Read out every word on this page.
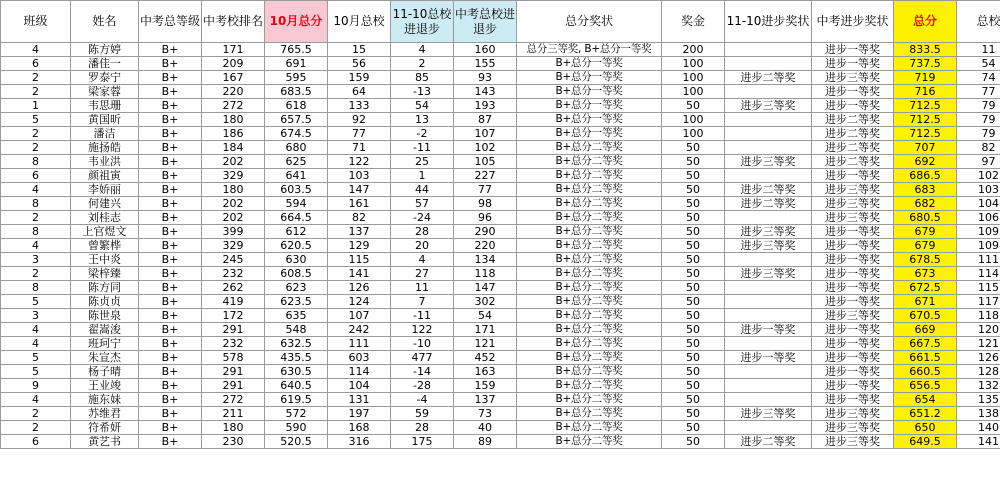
班级	姓名	中考总等级	中考校排名	10月总分	10月总校	11-10总校进退步	中考总校进退步	总分奖状	奖金	11-10进步奖状	中考进步奖状	总分	总校
4	陈方婷	B+	171	765.5	15	4	160	总分三等奖, B+总分一等奖	200		进步一等奖	833.5	11
6	潘佳一	B+	209	691	56	2	155	B+总分一等奖	100		进步一等奖	737.5	54
2	罗泰宁	B+	167	595	159	85	93	B+总分一等奖	100	进步二等奖	进步三等奖	719	74
2	梁家蓉	B+	220	683.5	64	-13	143	B+总分一等奖	100		进步一等奖	716	77
1	韦思珊	B+	272	618	133	54	193	B+总分一等奖	50	进步三等奖	进步一等奖	712.5	79
5	黄国昕	B+	180	657.5	92	13	87	B+总分一等奖	100		进步二等奖	712.5	79
2	潘洁	B+	186	674.5	77	-2	107	B+总分一等奖	100		进步二等奖	712.5	79
2	施扬皓	B+	184	680	71	-11	102	B+总分二等奖	50		进步二等奖	707	82
8	韦业洪	B+	202	625	122	25	105	B+总分二等奖	50	进步三等奖	进步二等奖	692	97
6	颜祖寅	B+	329	641	103	1	227	B+总分二等奖	50		进步一等奖	686.5	102
4	李娇丽	B+	180	603.5	147	44	77	B+总分二等奖	50	进步二等奖	进步三等奖	683	103
8	何建兴	B+	202	594	161	57	98	B+总分二等奖	50	进步二等奖	进步三等奖	682	104
2	刘桂志	B+	202	664.5	82	-24	96	B+总分二等奖	50		进步三等奖	680.5	106
8	上官煜文	B+	399	612	137	28	290	B+总分二等奖	50	进步三等奖	进步一等奖	679	109
4	曾繁桦	B+	329	620.5	129	20	220	B+总分二等奖	50	进步三等奖	进步一等奖	679	109
3	王中炎	B+	245	630	115	4	134	B+总分二等奖	50		进步一等奖	678.5	111
2	梁梓臻	B+	232	608.5	141	27	118	B+总分二等奖	50	进步三等奖	进步一等奖	673	114
8	陈方同	B+	262	623	126	11	147	B+总分二等奖	50		进步一等奖	672.5	115
5	陈贞贞	B+	419	623.5	124	7	302	B+总分二等奖	50		进步一等奖	671	117
3	陈世泉	B+	172	635	107	-11	54	B+总分二等奖	50		进步三等奖	670.5	118
4	翟嵩浚	B+	291	548	242	122	171	B+总分二等奖	50	进步一等奖	进步一等奖	669	120
4	班珂宁	B+	232	632.5	111	-10	121	B+总分二等奖	50		进步一等奖	667.5	121
5	朱宣杰	B+	578	435.5	603	477	452	B+总分二等奖	50	进步一等奖	进步一等奖	661.5	126
5	杨子晴	B+	291	630.5	114	-14	163	B+总分二等奖	50		进步一等奖	660.5	128
9	王业竣	B+	291	640.5	104	-28	159	B+总分二等奖	50		进步一等奖	656.5	132
4	施东妹	B+	272	619.5	131	-4	137	B+总分二等奖	50		进步一等奖	654	135
2	苏维君	B+	211	572	197	59	73	B+总分二等奖	50	进步三等奖	进步三等奖	651.2	138
2	符希妍	B+	180	590	168	28	40	B+总分二等奖	50		进步三等奖	650	140
6	黄艺书	B+	230	520.5	316	175	89	B+总分二等奖	50	进步二等奖	进步三等奖	649.5	141
